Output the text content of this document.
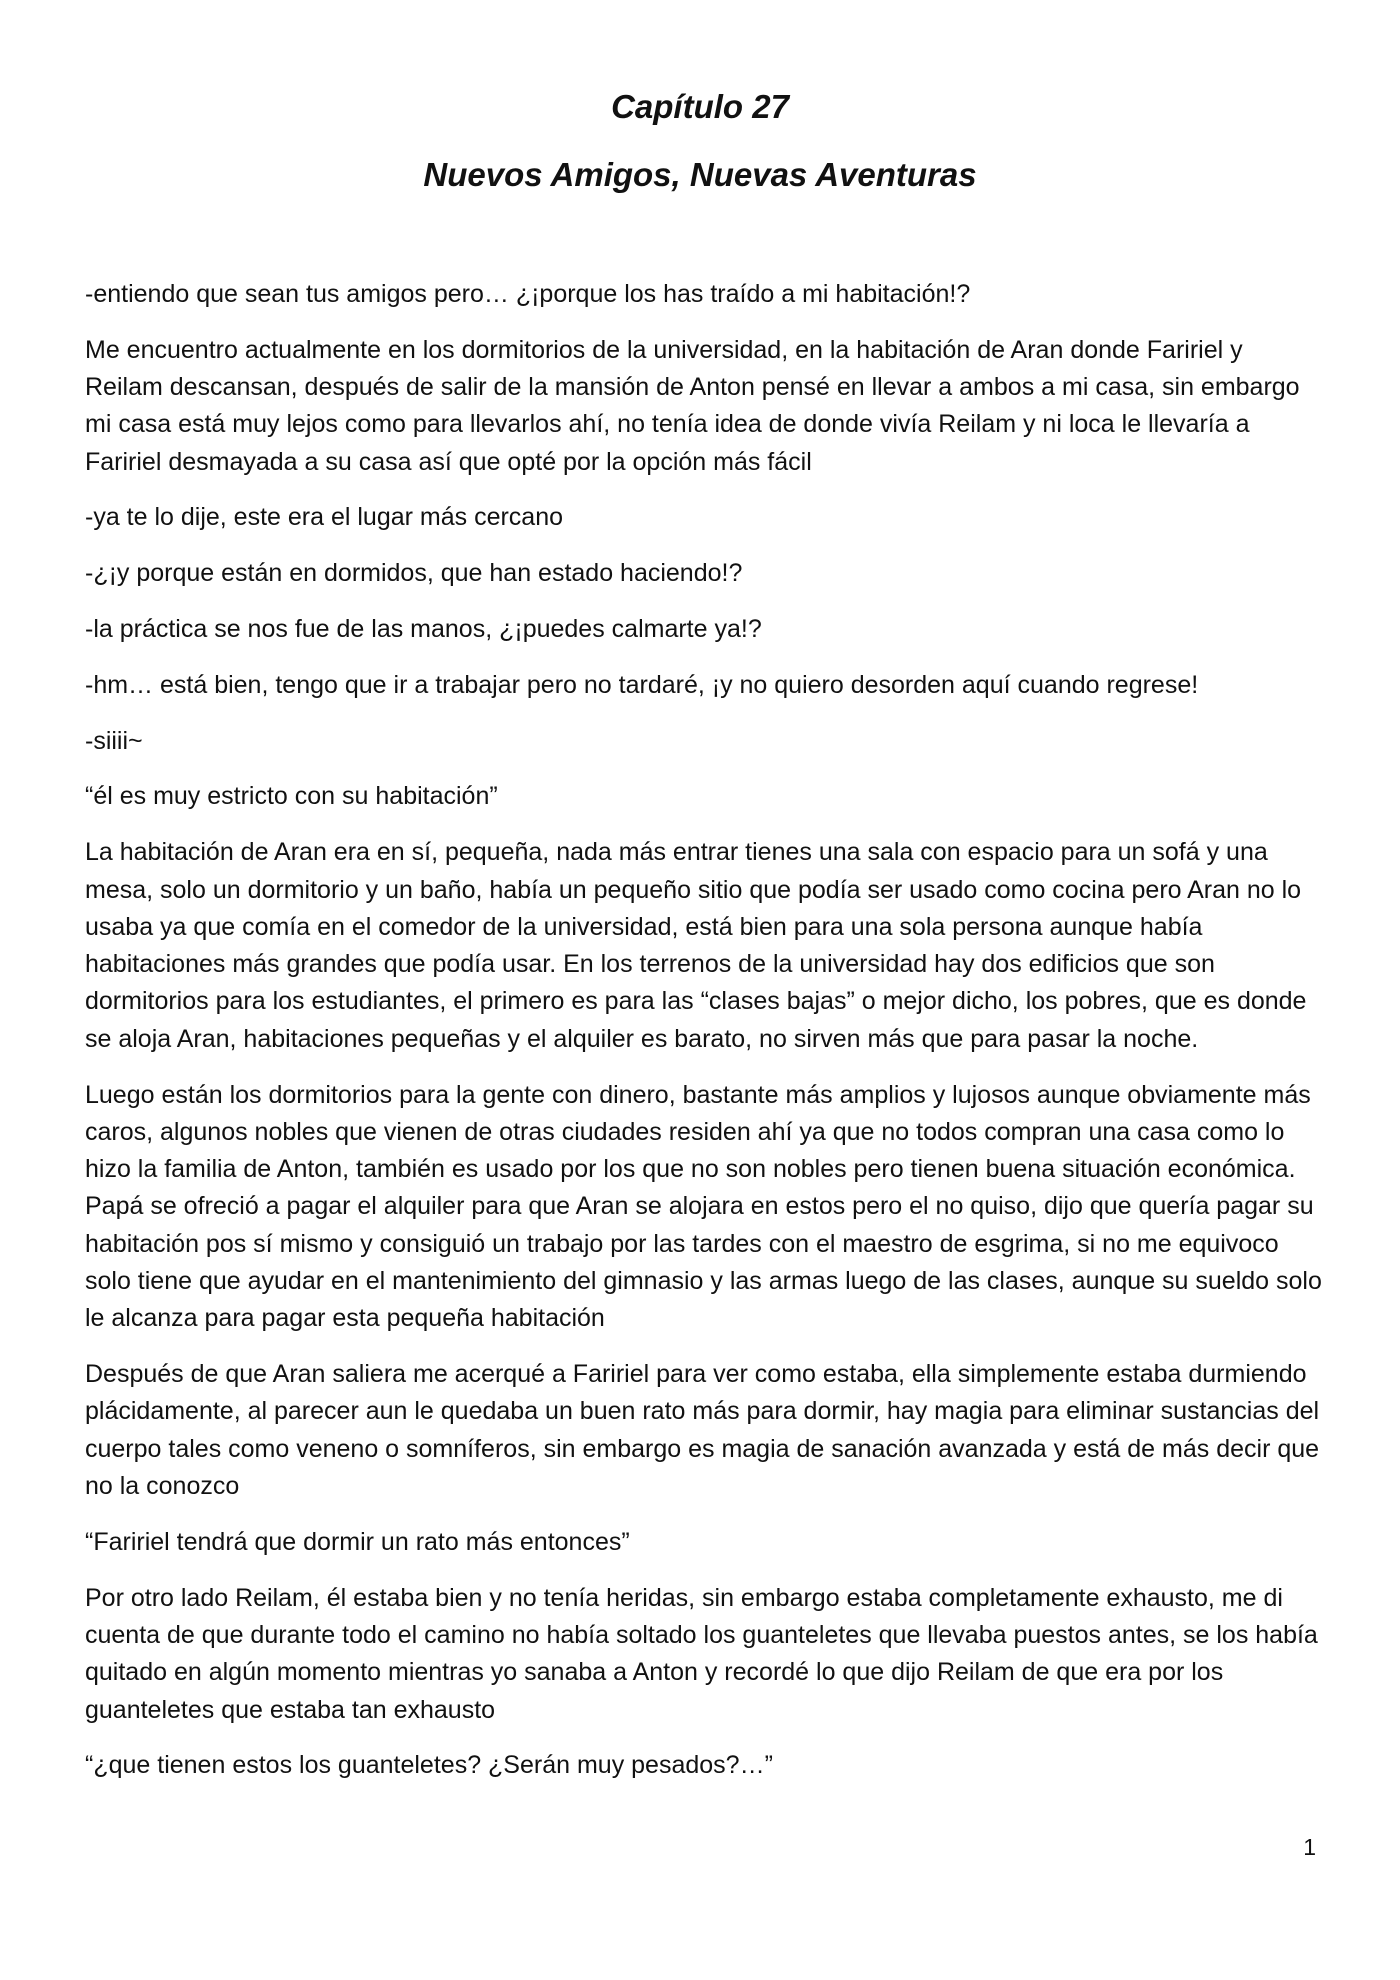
Capítulo 27
Nuevos Amigos, Nuevas Aventuras

-entiendo que sean tus amigos pero… ¿¡porque los has traído a mi habitación!?

Me encuentro actualmente en los dormitorios de la universidad, en la habitación de Aran donde Faririel y Reilam descansan, después de salir de la mansión de Anton pensé en llevar a ambos a mi casa, sin embargo mi casa está muy lejos como para llevarlos ahí, no tenía idea de donde vivía Reilam y ni loca le llevaría a Faririel desmayada a su casa así que opté por la opción más fácil

-ya te lo dije, este era el lugar más cercano

-¿¡y porque están en dormidos, que han estado haciendo!?

-la práctica se nos fue de las manos, ¿¡puedes calmarte ya!?

-hm… está bien, tengo que ir a trabajar pero no tardaré, ¡y no quiero desorden aquí cuando regrese!

-siiii~

“él es muy estricto con su habitación”

La habitación de Aran era en sí, pequeña, nada más entrar tienes una sala con espacio para un sofá y una mesa, solo un dormitorio y un baño, había un pequeño sitio que podía ser usado como cocina pero Aran no lo usaba ya que comía en el comedor de la universidad, está bien para una sola persona aunque había habitaciones más grandes que podía usar. En los terrenos de la universidad hay dos edificios que son dormitorios para los estudiantes, el primero es para las “clases bajas” o mejor dicho, los pobres, que es donde se aloja Aran, habitaciones pequeñas y el alquiler es barato, no sirven más que para pasar la noche.

Luego están los dormitorios para la gente con dinero, bastante más amplios y lujosos aunque obviamente más caros, algunos nobles que vienen de otras ciudades residen ahí ya que no todos compran una casa como lo hizo la familia de Anton, también es usado por los que no son nobles pero tienen buena situación económica. Papá se ofreció a pagar el alquiler para que Aran se alojara en estos pero el no quiso, dijo que quería pagar su habitación pos sí mismo y consiguió un trabajo por las tardes con el maestro de esgrima, si no me equivoco solo tiene que ayudar en el mantenimiento del gimnasio y las armas luego de las clases, aunque su sueldo solo le alcanza para pagar esta pequeña habitación

Después de que Aran saliera me acerqué a Faririel para ver como estaba, ella simplemente estaba durmiendo plácidamente, al parecer aun le quedaba un buen rato más para dormir, hay magia para eliminar sustancias del cuerpo tales como veneno o somníferos, sin embargo es magia de sanación avanzada y está de más decir que no la conozco

“Faririel tendrá que dormir un rato más entonces”

Por otro lado Reilam, él estaba bien y no tenía heridas, sin embargo estaba completamente exhausto, me di cuenta de que durante todo el camino no había soltado los guanteletes que llevaba puestos antes, se los había quitado en algún momento mientras yo sanaba a Anton y recordé lo que dijo Reilam de que era por los guanteletes que estaba tan exhausto

“¿que tienen estos los guanteletes? ¿Serán muy pesados?…”

1
